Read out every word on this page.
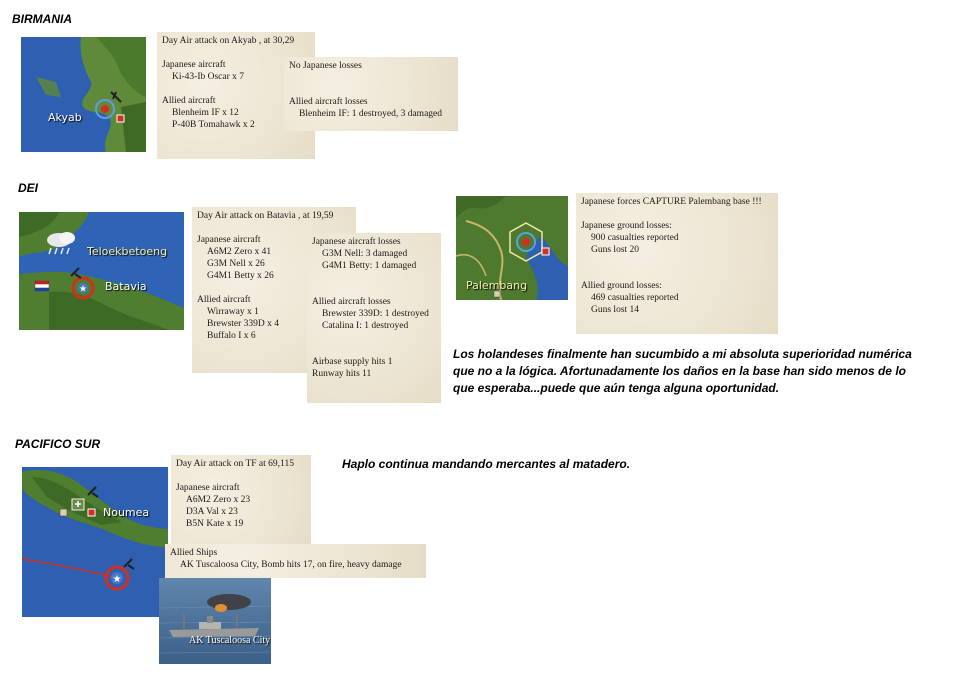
BIRMANIA
Akyab
Day Air attack on Akyab , at 30,29
Japanese aircraft
Ki-43-Ib Oscar x 7
Allied aircraft
Blenheim IF x 12
P-40B Tomahawk x 2
No Japanese losses
Allied aircraft losses
Blenheim IF: 1 destroyed, 3 damaged
DEI
★
Teloekbetoeng
Batavia
Day Air attack on Batavia , at 19,59
Japanese aircraft
A6M2 Zero x 41
G3M Nell x 26
G4M1 Betty x 26
Allied aircraft
Wirraway x 1
Brewster 339D x 4
Buffalo I x 6
Japanese aircraft losses
G3M Nell: 3 damaged
G4M1 Betty: 1 damaged
Allied aircraft losses
Brewster 339D: 1 destroyed
Catalina I: 1 destroyed
Airbase supply hits 1
Runway hits 11
Palembang
Japanese forces CAPTURE Palembang base !!!
Japanese ground losses:
900 casualties reported
Guns lost 20
Allied ground losses:
469 casualties reported
Guns lost 14
Los holandeses finalmente han sucumbido a mi absoluta superioridad numérica
que no a la lógica. Afortunadamente los daños en la base han sido menos de lo
que esperaba...puede que aún tenga alguna oportunidad.
PACIFICO SUR
★
Noumea
Day Air attack on TF at 69,115
Japanese aircraft
A6M2 Zero x 23
D3A Val x 23
B5N Kate x 19
Allied Ships
AK Tuscaloosa City, Bomb hits 17, on fire, heavy damage
AK Tuscaloosa City
Haplo continua mandando mercantes al matadero.
